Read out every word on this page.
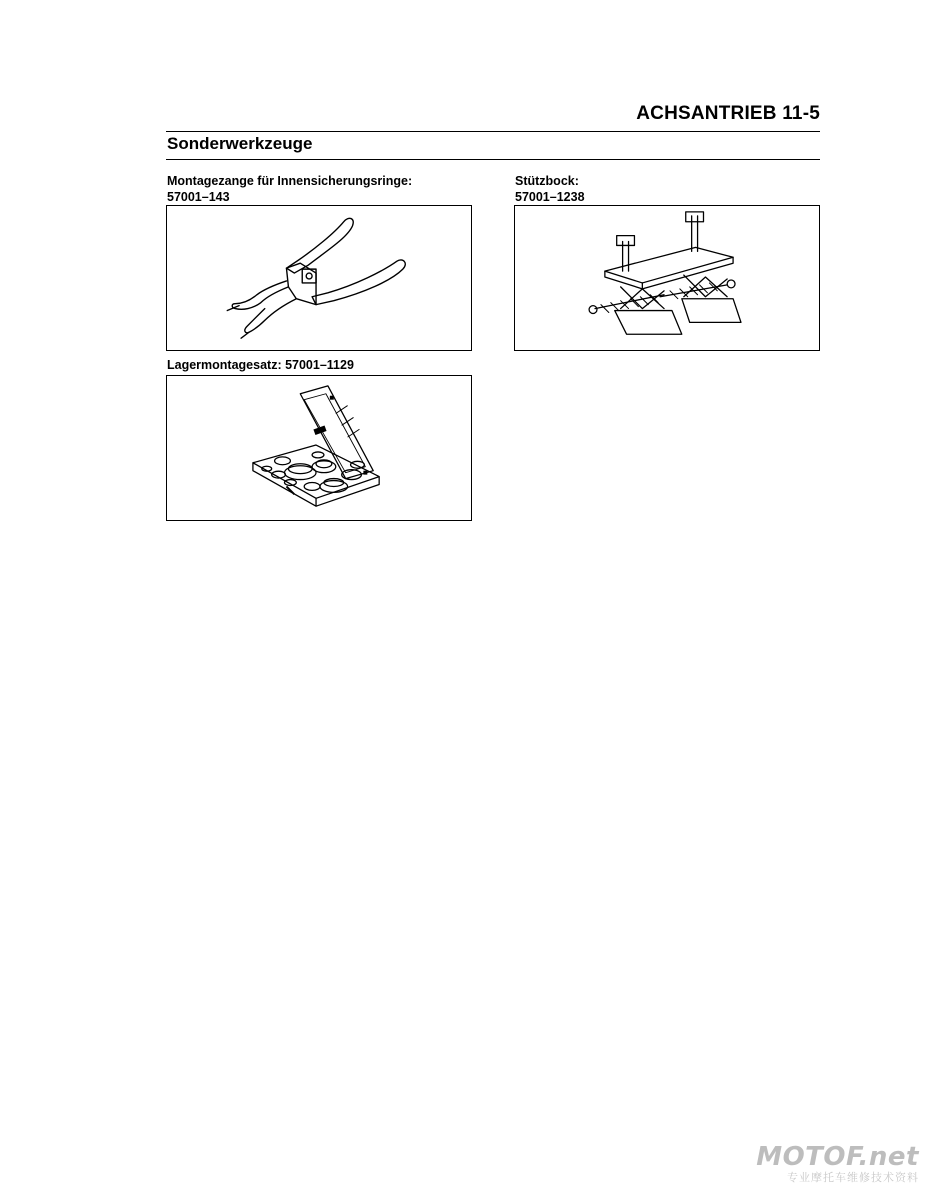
ACHSANTRIEB 11-5
Sonderwerkzeuge
Montagezange für Innensicherungsringe:
57001–143
Stützbock:
57001–1238
Lagermontagesatz: 57001–1129
MOTOF.net
专业摩托车维修技术资料
